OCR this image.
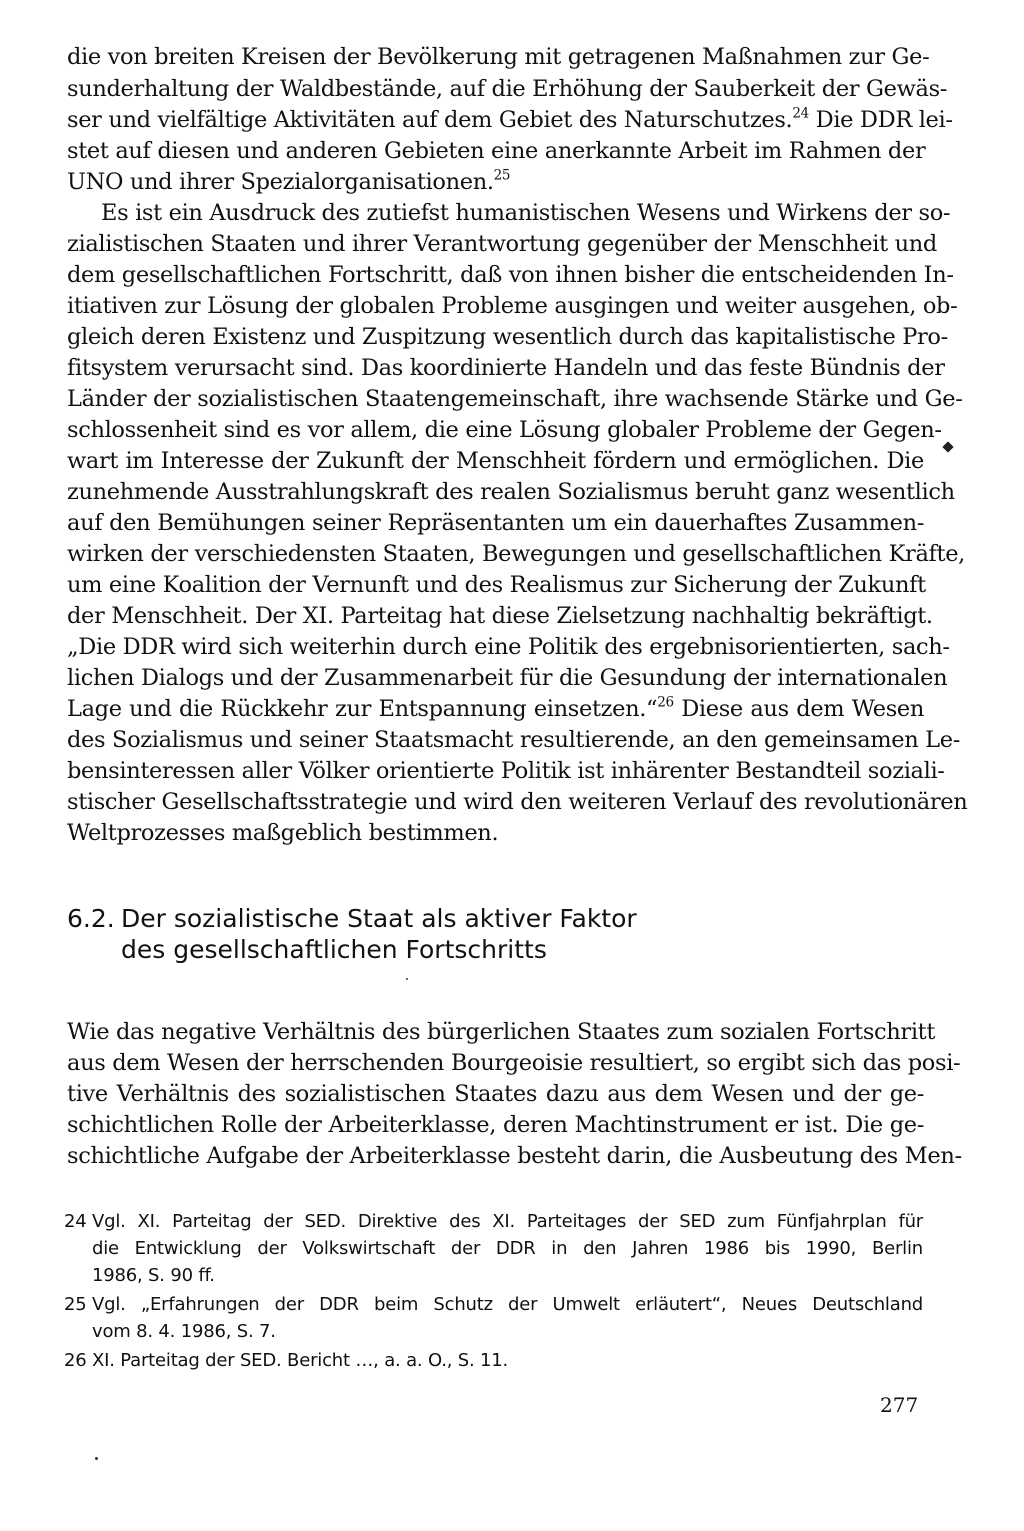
die von breiten Kreisen der Bevölkerung mit getragenen Maßnahmen zur Ge-
sunderhaltung der Waldbestände, auf die Erhöhung der Sauberkeit der Gewäs-
ser und vielfältige Aktivitäten auf dem Gebiet des Naturschutzes.$^{24}$ Die DDR lei-
stet auf diesen und anderen Gebieten eine anerkannte Arbeit im Rahmen der
UNO und ihrer Spezialorganisationen.$^{25}$
Es ist ein Ausdruck des zutiefst humanistischen Wesens und Wirkens der so-
zialistischen Staaten und ihrer Verantwortung gegenüber der Menschheit und
dem gesellschaftlichen Fortschritt, daß von ihnen bisher die entscheidenden In-
itiativen zur Lösung der globalen Probleme ausgingen und weiter ausgehen, ob-
gleich deren Existenz und Zuspitzung wesentlich durch das kapitalistische Pro-
fitsystem verursacht sind. Das koordinierte Handeln und das feste Bündnis der
Länder der sozialistischen Staatengemeinschaft, ihre wachsende Stärke und Ge-
schlossenheit sind es vor allem, die eine Lösung globaler Probleme der Gegen-
wart im Interesse der Zukunft der Menschheit fördern und ermöglichen. Die
zunehmende Ausstrahlungskraft des realen Sozialismus beruht ganz wesentlich
auf den Bemühungen seiner Repräsentanten um ein dauerhaftes Zusammen-
wirken der verschiedensten Staaten, Bewegungen und gesellschaftlichen Kräfte,
um eine Koalition der Vernunft und des Realismus zur Sicherung der Zukunft
der Menschheit. Der XI. Parteitag hat diese Zielsetzung nachhaltig bekräftigt.
„Die DDR wird sich weiterhin durch eine Politik des ergebnisorientierten, sach-
lichen Dialogs und der Zusammenarbeit für die Gesundung der internationalen
Lage und die Rückkehr zur Entspannung einsetzen.“$^{26}$ Diese aus dem Wesen
des Sozialismus und seiner Staatsmacht resultierende, an den gemeinsamen Le-
bensinteressen aller Völker orientierte Politik ist inhärenter Bestandteil soziali-
stischer Gesellschaftsstrategie und wird den weiteren Verlauf des revolutionären
Weltprozesses maßgeblich bestimmen.
6.2. Der sozialistische Staat als aktiver Faktor
des gesellschaftlichen Fortschritts
Wie das negative Verhältnis des bürgerlichen Staates zum sozialen Fortschritt
aus dem Wesen der herrschenden Bourgeoisie resultiert, so ergibt sich das posi-
tive Verhältnis des sozialistischen Staates dazu aus dem Wesen und der ge-
schichtlichen Rolle der Arbeiterklasse, deren Machtinstrument er ist. Die ge-
schichtliche Aufgabe der Arbeiterklasse besteht darin, die Ausbeutung des Men-
24 Vgl. XI. Parteitag der SED. Direktive des XI. Parteitages der SED zum Fünfjahrplan für
die Entwicklung der Volkswirtschaft der DDR in den Jahren 1986 bis 1990, Berlin
1986, S. 90 ff.
25 Vgl. „Erfahrungen der DDR beim Schutz der Umwelt erläutert“, Neues Deutschland
vom 8. 4. 1986, S. 7.
26 XI. Parteitag der SED. Bericht …, a. a. O., S. 11.
277
